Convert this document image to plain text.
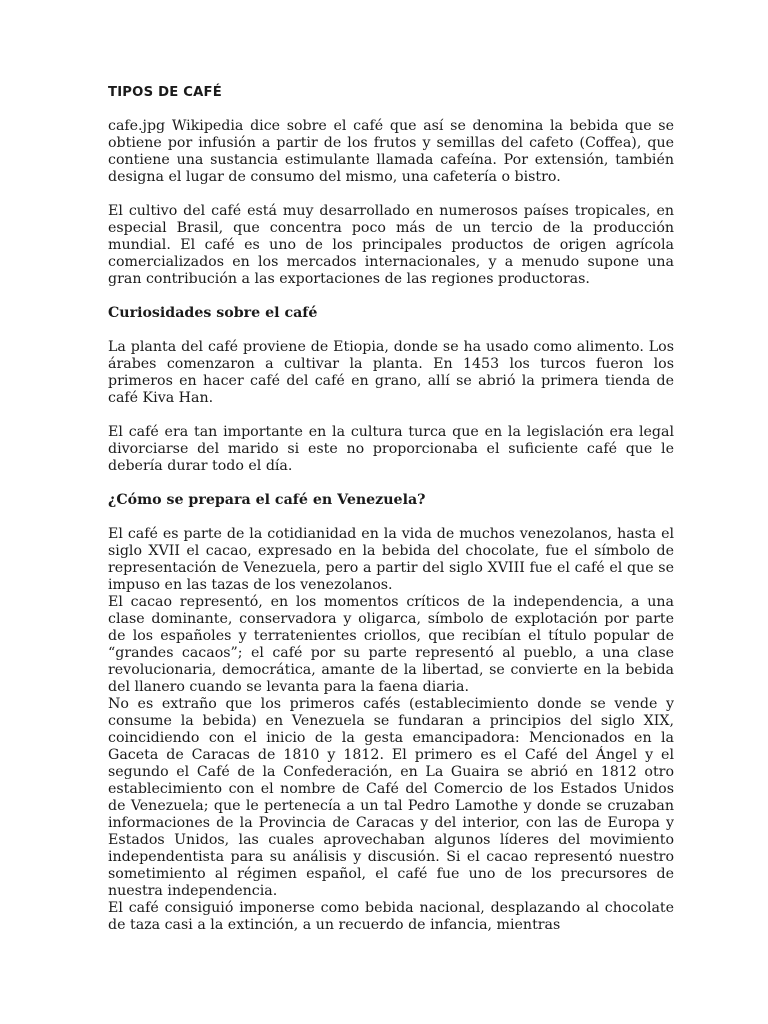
TIPOS DE CAFÉ

cafe.jpg Wikipedia dice sobre el café que así se denomina la bebida que se obtiene por infusión a partir de los frutos y semillas del cafeto (Coffea), que contiene una sustancia estimulante llamada cafeína. Por extensión, también designa el lugar de consumo del mismo, una cafetería o bistro.

El cultivo del café está muy desarrollado en numerosos países tropicales, en especial Brasil, que concentra poco más de un tercio de la producción mundial. El café es uno de los principales productos de origen agrícola comercializados en los mercados internacionales, y a menudo supone una gran contribución a las exportaciones de las regiones productoras.

Curiosidades sobre el café

La planta del café proviene de Etiopia, donde se ha usado como alimento. Los árabes comenzaron a cultivar la planta. En 1453 los turcos fueron los primeros en hacer café del café en grano, allí se abrió la primera tienda de café Kiva Han.

El café era tan importante en la cultura turca que en la legislación era legal divorciarse del marido si este no proporcionaba el suficiente café que le debería durar todo el día.

¿Cómo se prepara el café en Venezuela?

El café es parte de la cotidianidad en la vida de muchos venezolanos, hasta el siglo XVII el cacao, expresado en la bebida del chocolate, fue el símbolo de representación de Venezuela, pero a partir del siglo XVIII fue el café el que se impuso en las tazas de los venezolanos.

El cacao representó, en los momentos críticos de la independencia, a una clase dominante, conservadora y oligarca, símbolo de explotación por parte de los españoles y terratenientes criollos, que recibían el título popular de “grandes cacaos”; el café por su parte representó al pueblo, a una clase revolucionaria, democrática, amante de la libertad, se convierte en la bebida del llanero cuando se levanta para la faena diaria.

No es extraño que los primeros cafés (establecimiento donde se vende y consume la bebida) en Venezuela se fundaran a principios del siglo XIX, coincidiendo con el inicio de la gesta emancipadora: Mencionados en la Gaceta de Caracas de 1810 y 1812. El primero es el Café del Ángel y el segundo el Café de la Confederación, en La Guaira se abrió en 1812 otro establecimiento con el nombre de Café del Comercio de los Estados Unidos de Venezuela; que le pertenecía a un tal Pedro Lamothe y donde se cruzaban informaciones de la Provincia de Caracas y del interior, con las de Europa y Estados Unidos, las cuales aprovechaban algunos líderes del movimiento independentista para su análisis y discusión. Si el cacao representó nuestro sometimiento al régimen español, el café fue uno de los precursores de nuestra independencia.

El café consiguió imponerse como bebida nacional, desplazando al chocolate de taza casi a la extinción, a un recuerdo de infancia, mientras
